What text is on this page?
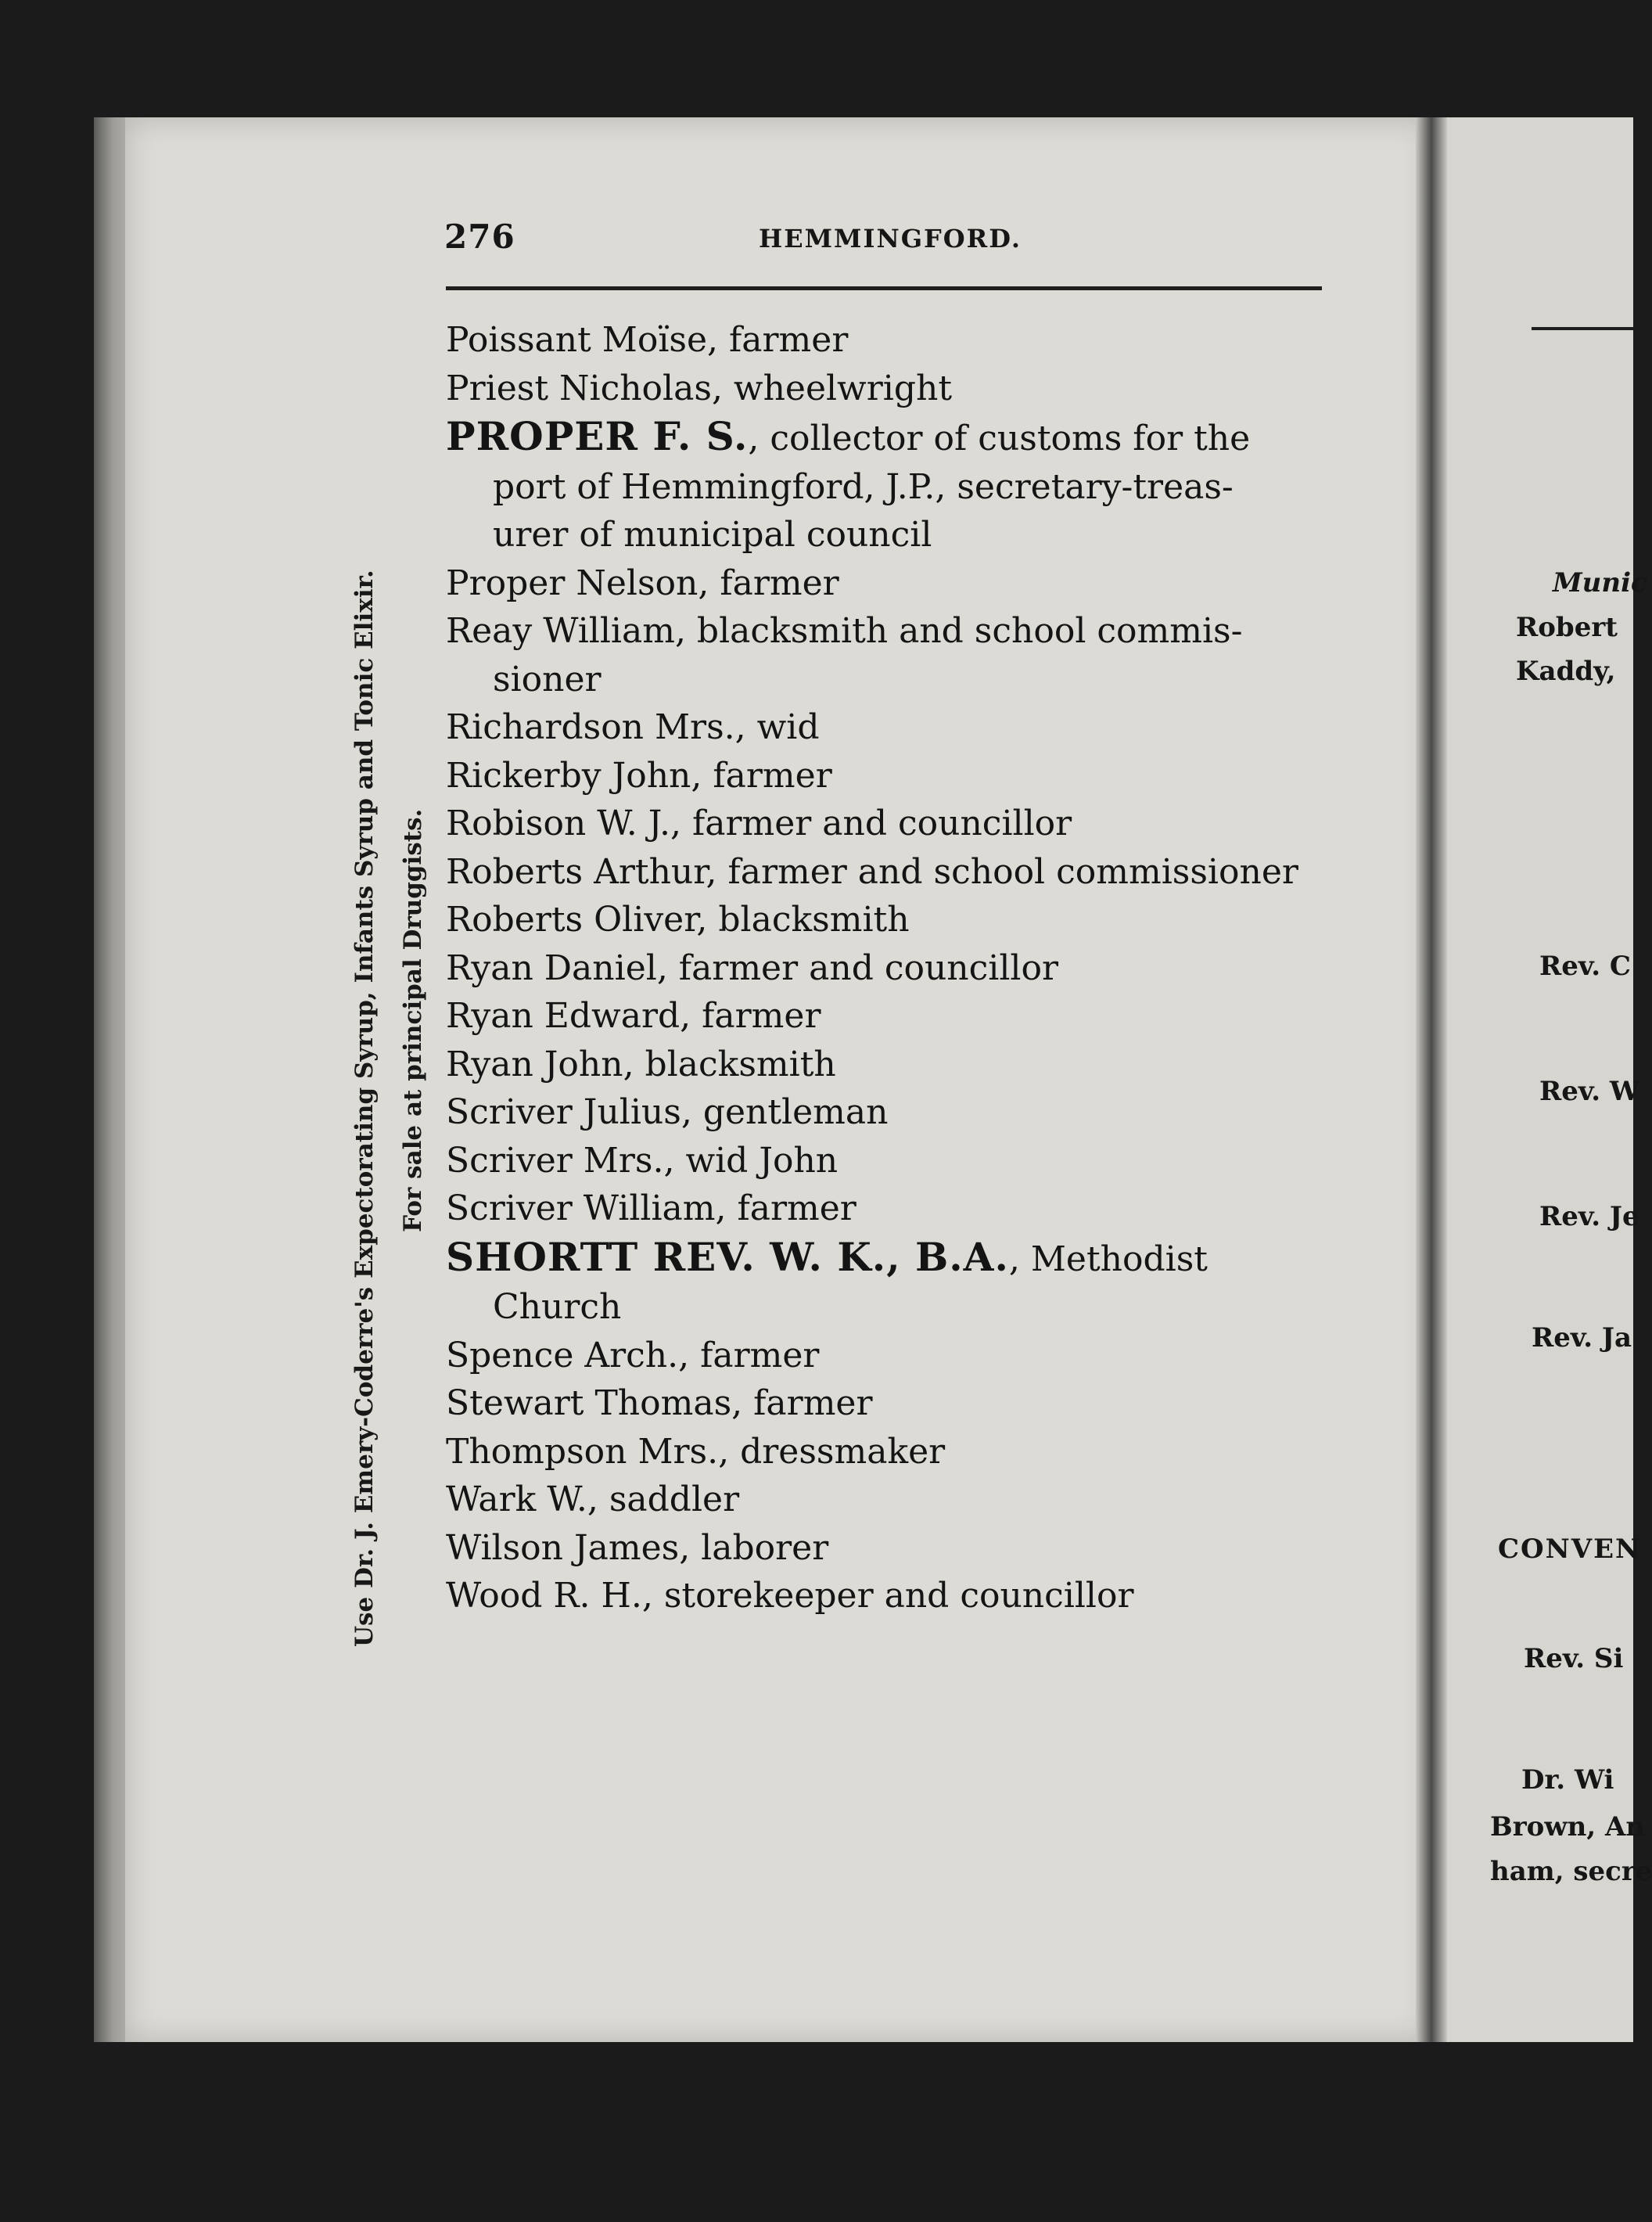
276	HEMMINGFORD.
Use Dr. J. Emery-Coderre's Expectorating Syrup, Infants Syrup and Tonic Elixir. For sale at principal Druggists.
Poissant Moïse, farmer
Priest Nicholas, wheelwright
PROPER F. S., collector of customs for the
port of Hemmingford, J.P., secretary-treas-
urer of municipal council
Proper Nelson, farmer
Reay William, blacksmith and school commis-
sioner
Richardson Mrs., wid
Rickerby John, farmer
Robison W. J., farmer and councillor
Roberts Arthur, farmer and school commissioner
Roberts Oliver, blacksmith
Ryan Daniel, farmer and councillor
Ryan Edward, farmer
Ryan John, blacksmith
Scriver Julius, gentleman
Scriver Mrs., wid John
Scriver William, farmer
SHORTT REV. W. K., B.A., Methodist
Church
Spence Arch., farmer
Stewart Thomas, farmer
Thompson Mrs., dressmaker
Wark W., saddler
Wilson James, laborer
Wood R. H., storekeeper and councillor
Munic
Robert
Kaddy,
Rev. C
Rev. W
Rev. Je
Rev. Ja
CONVEN
Rev. Si
Dr. Wi
Brown, An
ham, secre
